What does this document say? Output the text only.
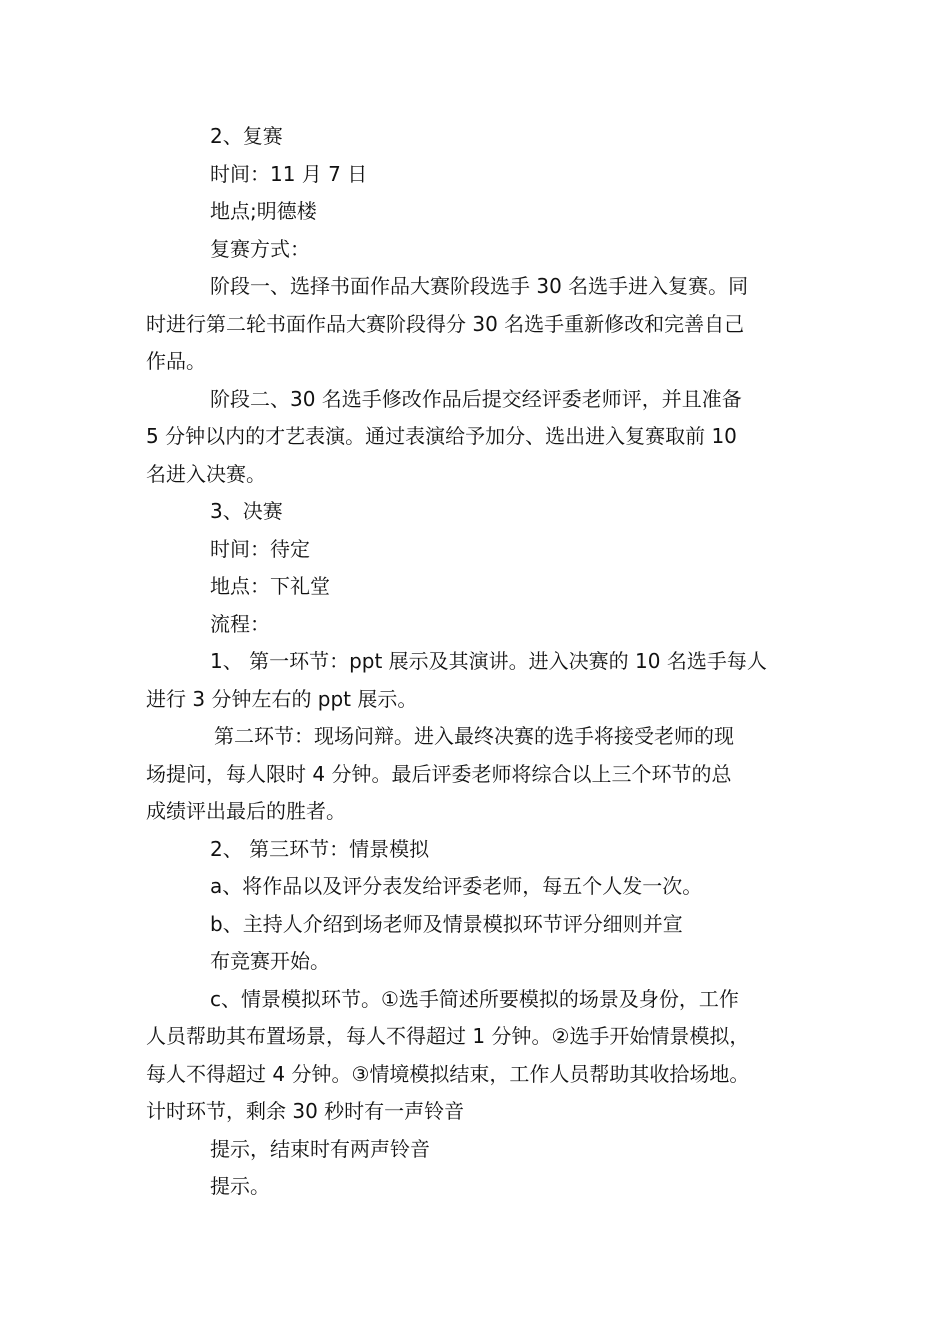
2、复赛
时间：11 月 7 日
地点;明德楼
复赛方式：
阶段一、选择书面作品大赛阶段选手 30 名选手进入复赛。同
时进行第二轮书面作品大赛阶段得分 30 名选手重新修改和完善自己
作品。
阶段二、30 名选手修改作品后提交经评委老师评，并且准备
5 分钟以内的才艺表演。通过表演给予加分、选出进入复赛取前 10
名进入决赛。
3、决赛
时间：待定
地点：下礼堂
流程：
1、 第一环节：ppt 展示及其演讲。进入决赛的 10 名选手每人
进行 3 分钟左右的 ppt 展示。
第二环节：现场问辩。进入最终决赛的选手将接受老师的现
场提问，每人限时 4 分钟。最后评委老师将综合以上三个环节的总
成绩评出最后的胜者。
2、 第三环节：情景模拟
a、将作品以及评分表发给评委老师，每五个人发一次。
b、主持人介绍到场老师及情景模拟环节评分细则并宣
布竞赛开始。
c、情景模拟环节。①选手简述所要模拟的场景及身份，工作
人员帮助其布置场景，每人不得超过 1 分钟。②选手开始情景模拟，
每人不得超过 4 分钟。③情境模拟结束，工作人员帮助其收拾场地。
计时环节，剩余 30 秒时有一声铃音
提示，结束时有两声铃音
提示。
